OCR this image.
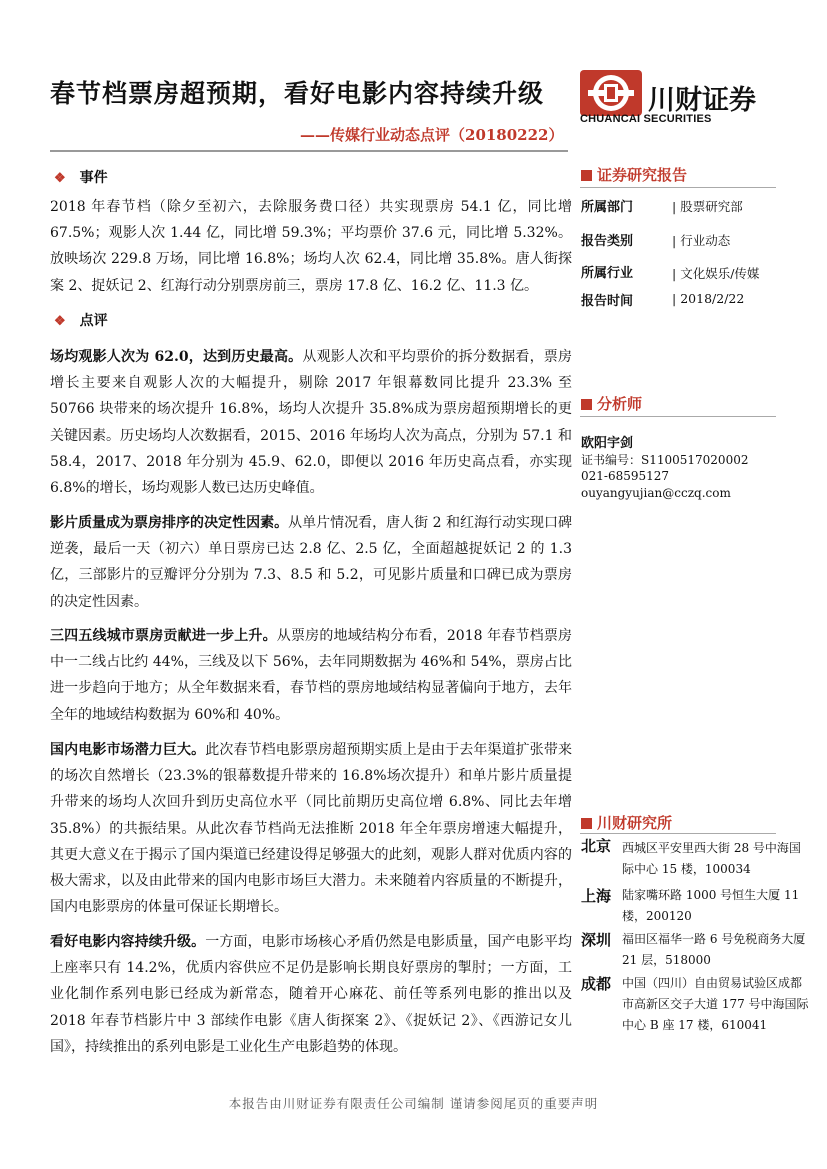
春节档票房超预期，看好电影内容持续升级
——传媒行业动态点评（20180222）
川财证券
CHUANCAI SECURITIES
❖ 事件
2018 年春节档（除夕至初六，去除服务费口径）共实现票房 54.1 亿，同比增 67.5%；观影人次 1.44 亿，同比增 59.3%；平均票价 37.6 元，同比增 5.32%。放映场次 229.8 万场，同比增 16.8%；场均人次 62.4，同比增 35.8%。唐人街探案 2、捉妖记 2、红海行动分别票房前三，票房 17.8 亿、16.2 亿、11.3 亿。
❖ 点评
场均观影人次为 62.0，达到历史最高。从观影人次和平均票价的拆分数据看，票房增长主要来自观影人次的大幅提升，剔除 2017 年银幕数同比提升 23.3% 至 50766 块带来的场次提升 16.8%，场均人次提升 35.8%成为票房超预期增长的更关键因素。历史场均人次数据看，2015、2016 年场均人次为高点，分别为 57.1 和 58.4，2017、2018 年分别为 45.9、62.0，即便以 2016 年历史高点看，亦实现 6.8%的增长，场均观影人数已达历史峰值。
影片质量成为票房排序的决定性因素。从单片情况看，唐人街 2 和红海行动实现口碑逆袭，最后一天（初六）单日票房已达 2.8 亿、2.5 亿，全面超越捉妖记 2 的 1.3 亿，三部影片的豆瓣评分分别为 7.3、8.5 和 5.2，可见影片质量和口碑已成为票房的决定性因素。
三四五线城市票房贡献进一步上升。从票房的地域结构分布看，2018 年春节档票房中一二线占比约 44%，三线及以下 56%，去年同期数据为 46%和 54%，票房占比进一步趋向于地方；从全年数据来看，春节档的票房地域结构显著偏向于地方，去年全年的地域结构数据为 60%和 40%。
国内电影市场潜力巨大。此次春节档电影票房超预期实质上是由于去年渠道扩张带来的场次自然增长（23.3%的银幕数提升带来的 16.8%场次提升）和单片影片质量提升带来的场均人次回升到历史高位水平（同比前期历史高位增 6.8%、同比去年增 35.8%）的共振结果。从此次春节档尚无法推断 2018 年全年票房增速大幅提升，其更大意义在于揭示了国内渠道已经建设得足够强大的此刻，观影人群对优质内容的极大需求，以及由此带来的国内电影市场巨大潜力。未来随着内容质量的不断提升，国内电影票房的体量可保证长期增长。
看好电影内容持续升级。一方面，电影市场核心矛盾仍然是电影质量，国产电影平均上座率只有 14.2%，优质内容供应不足仍是影响长期良好票房的掣肘；一方面，工业化制作系列电影已经成为新常态，随着开心麻花、前任等系列电影的推出以及 2018 年春节档影片中 3 部续作电影《唐人街探案 2》、《捉妖记 2》、《西游记女儿国》，持续推出的系列电影是工业化生产电影趋势的体现。
证券研究报告
所属部门	| 股票研究部
报告类别	| 行业动态
所属行业	| 文化娱乐/传媒
报告时间	| 2018/2/22
分析师
欧阳宇剑
证书编号：S1100517020002
021-68595127
ouyangyujian@cczq.com
川财研究所
北京 西城区平安里西大街 28 号中海国际中心 15 楼，100034
上海 陆家嘴环路 1000 号恒生大厦 11 楼，200120
深圳 福田区福华一路 6 号免税商务大厦 21 层，518000
成都 中国（四川）自由贸易试验区成都市高新区交子大道 177 号中海国际中心 B 座 17 楼，610041
本报告由川财证券有限责任公司编制 谨请参阅尾页的重要声明
